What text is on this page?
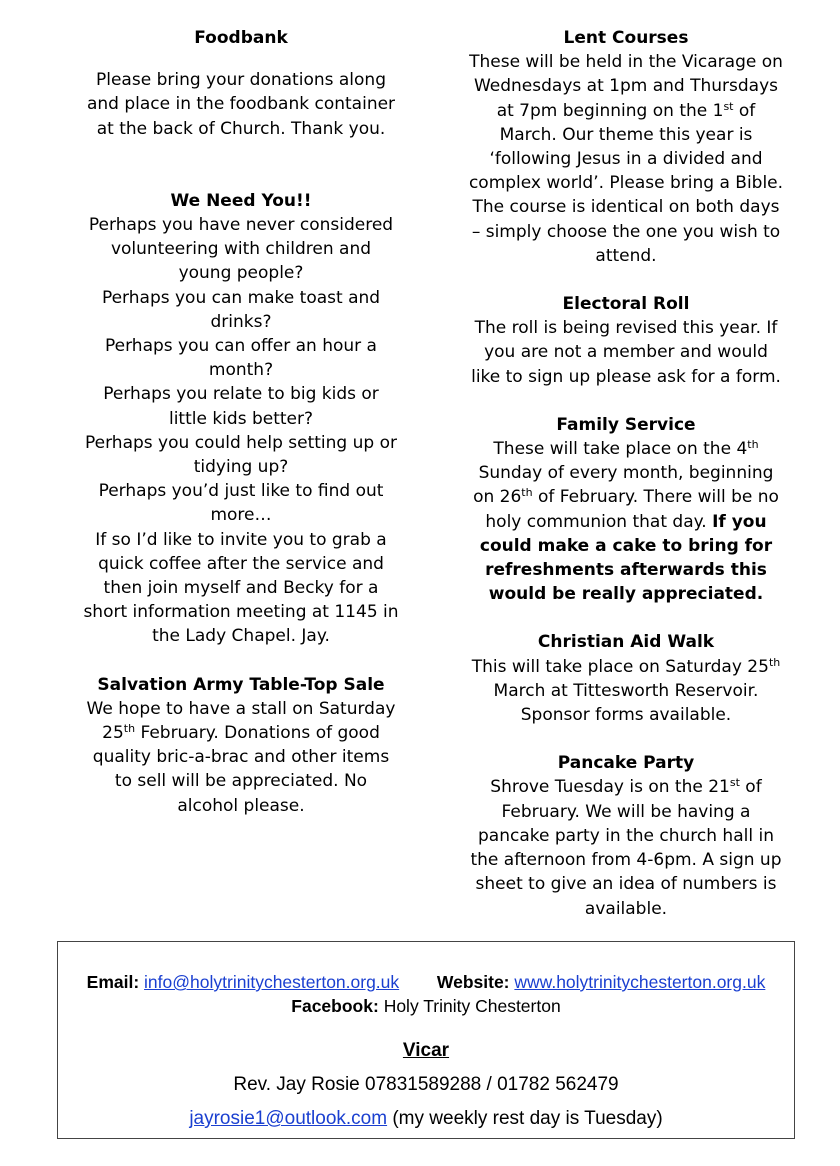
Foodbank
Please bring your donations along and place in the foodbank container at the back of Church. Thank you.
We Need You!!
Perhaps you have never considered volunteering with children and young people?
Perhaps you can make toast and drinks?
Perhaps you can offer an hour a month?
Perhaps you relate to big kids or little kids better?
Perhaps you could help setting up or tidying up?
Perhaps you’d just like to find out more…
If so I’d like to invite you to grab a quick coffee after the service and then join myself and Becky for a short information meeting at 1145 in the Lady Chapel. Jay.
Salvation Army Table-Top Sale
We hope to have a stall on Saturday 25th February. Donations of good quality bric-a-brac and other items to sell will be appreciated. No alcohol please.
Lent Courses
These will be held in the Vicarage on Wednesdays at 1pm and Thursdays at 7pm beginning on the 1st of March. Our theme this year is ‘following Jesus in a divided and complex world’. Please bring a Bible. The course is identical on both days – simply choose the one you wish to attend.
Electoral Roll
The roll is being revised this year. If you are not a member and would like to sign up please ask for a form.
Family Service
These will take place on the 4th Sunday of every month, beginning on 26th of February. There will be no holy communion that day. If you could make a cake to bring for refreshments afterwards this would be really appreciated.
Christian Aid Walk
This will take place on Saturday 25th March at Tittesworth Reservoir. Sponsor forms available.
Pancake Party
Shrove Tuesday is on the 21st of February. We will be having a pancake party in the church hall in the afternoon from 4-6pm. A sign up sheet to give an idea of numbers is available.
Email: info@holytrinitychesterton.org.uk Website: www.holytrinitychesterton.org.uk
Facebook: Holy Trinity Chesterton
Vicar
Rev. Jay Rosie 07831589288 / 01782 562479
jayrosie1@outlook.com (my weekly rest day is Tuesday)
